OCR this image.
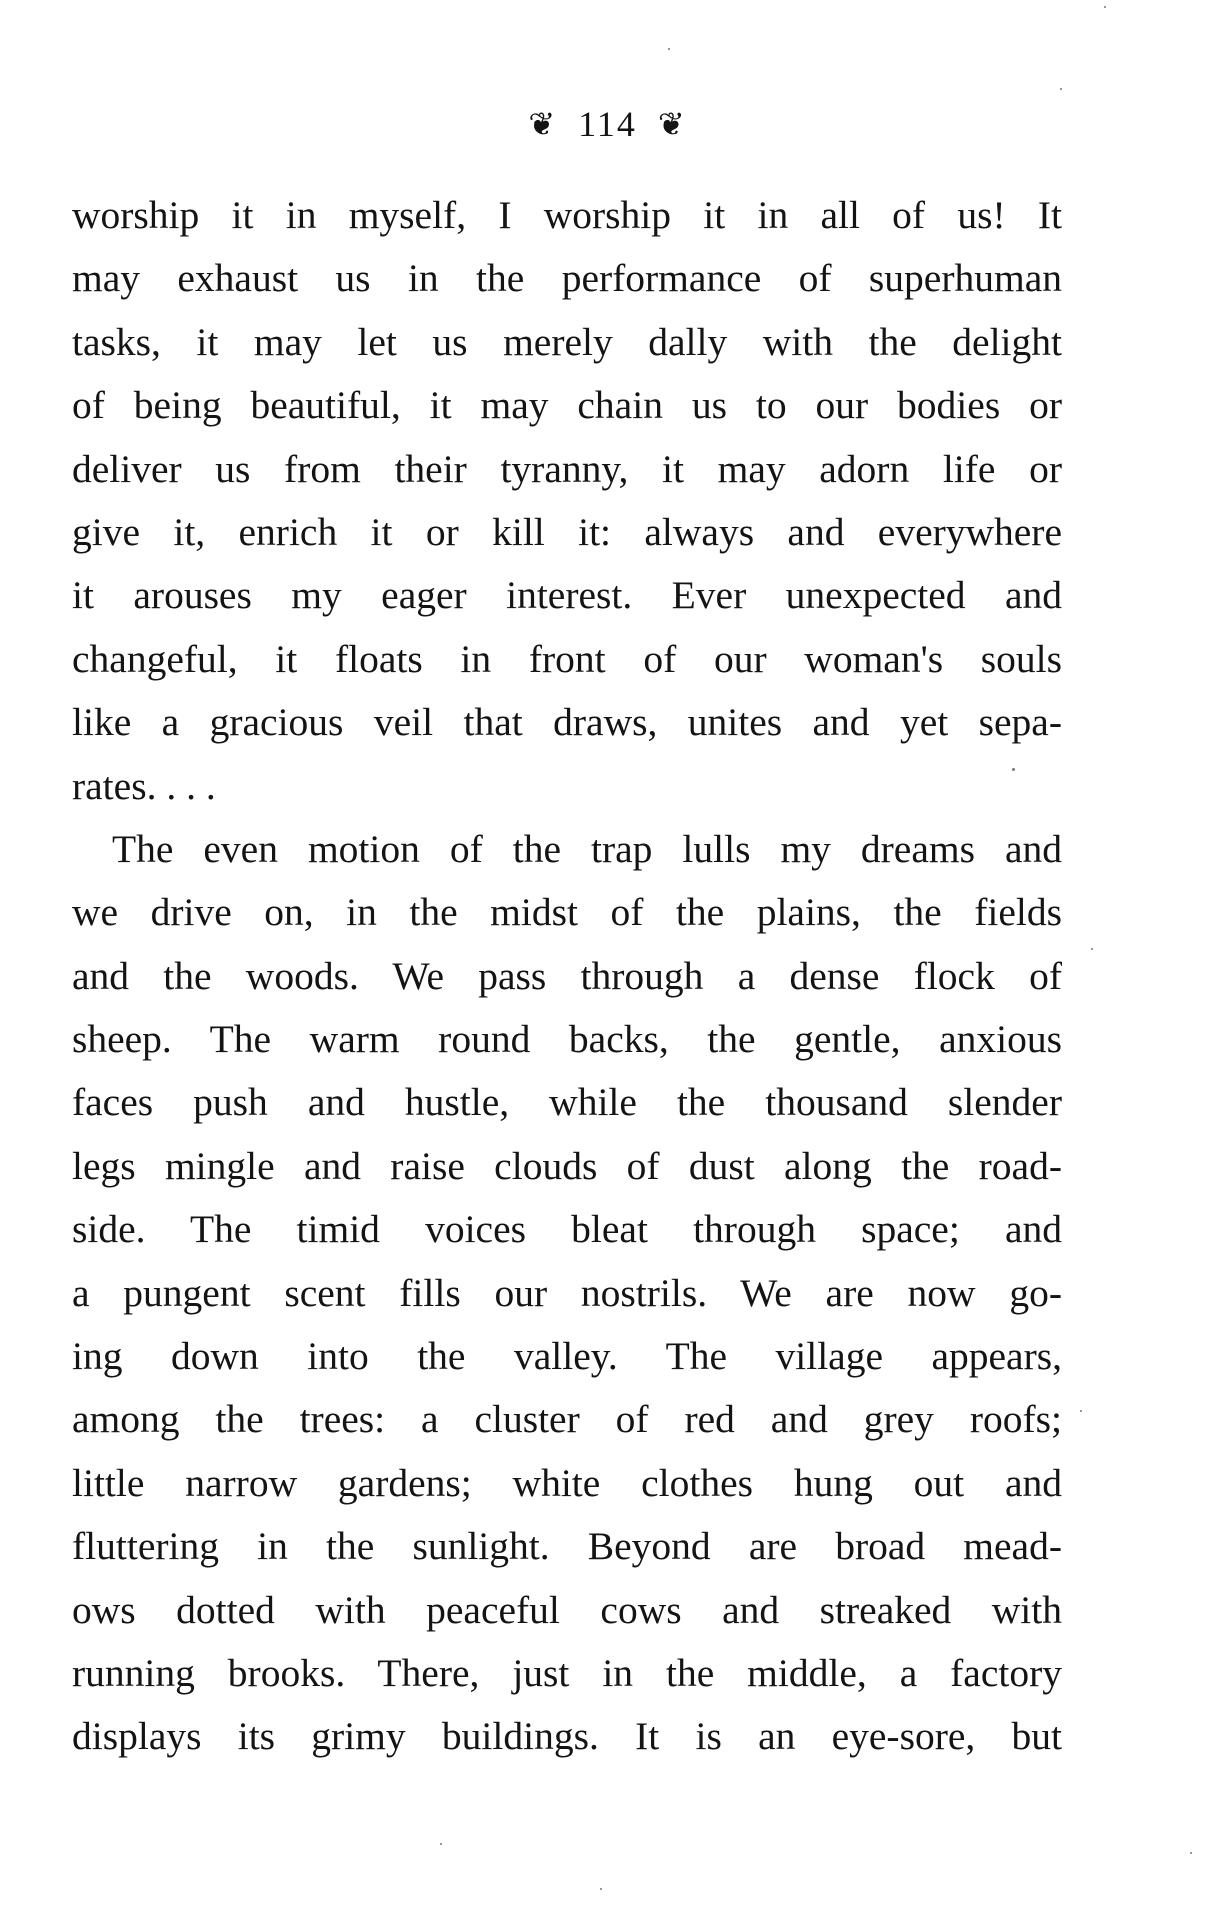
❦ 114 ❦
worship it in myself, I worship it in all of us! It
may exhaust us in the performance of superhuman
tasks, it may let us merely dally with the delight
of being beautiful, it may chain us to our bodies or
deliver us from their tyranny, it may adorn life or
give it, enrich it or kill it: always and everywhere
it arouses my eager interest. Ever unexpected and
changeful, it floats in front of our woman's souls
like a gracious veil that draws, unites and yet sepa-
rates. . . .
The even motion of the trap lulls my dreams and
we drive on, in the midst of the plains, the fields
and the woods. We pass through a dense flock of
sheep. The warm round backs, the gentle, anxious
faces push and hustle, while the thousand slender
legs mingle and raise clouds of dust along the road-
side. The timid voices bleat through space; and
a pungent scent fills our nostrils. We are now go-
ing down into the valley. The village appears,
among the trees: a cluster of red and grey roofs;
little narrow gardens; white clothes hung out and
fluttering in the sunlight. Beyond are broad mead-
ows dotted with peaceful cows and streaked with
running brooks. There, just in the middle, a factory
displays its grimy buildings. It is an eye-sore, but
